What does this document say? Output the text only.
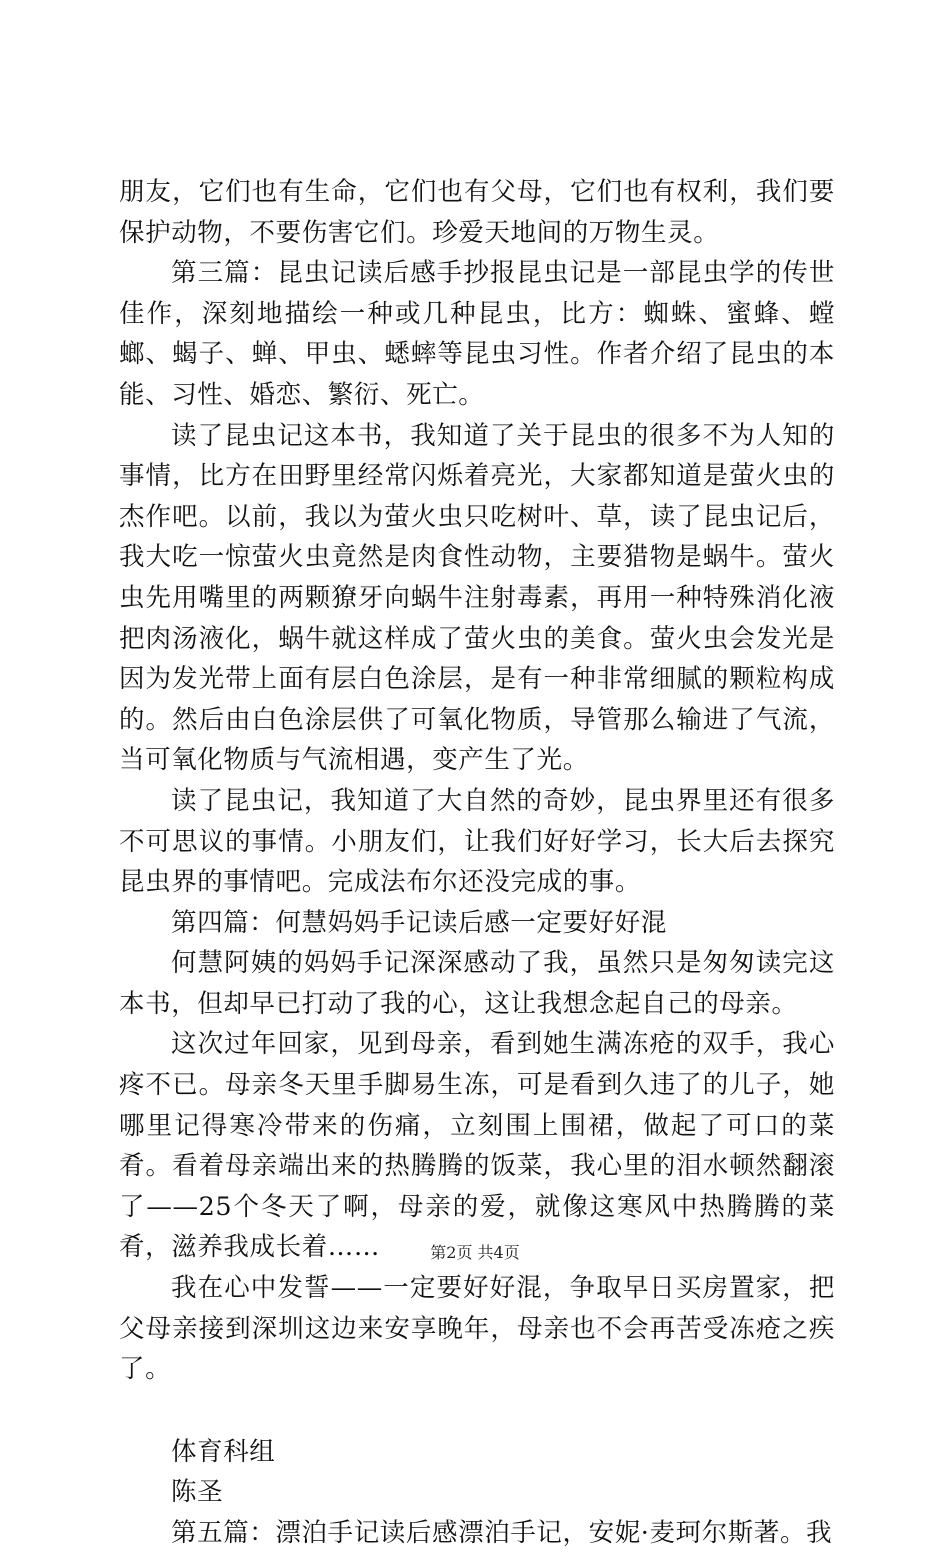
朋友，它们也有生命，它们也有父母，它们也有权利，我们要保护动物，不要伤害它们。珍爱天地间的万物生灵。

第三篇：昆虫记读后感手抄报昆虫记是一部昆虫学的传世佳作，深刻地描绘一种或几种昆虫，比方：蜘蛛、蜜蜂、螳螂、蝎子、蝉、甲虫、蟋蟀等昆虫习性。作者介绍了昆虫的本能、习性、婚恋、繁衍、死亡。

读了昆虫记这本书，我知道了关于昆虫的很多不为人知的事情，比方在田野里经常闪烁着亮光，大家都知道是萤火虫的杰作吧。以前，我以为萤火虫只吃树叶、草，读了昆虫记后，我大吃一惊萤火虫竟然是肉食性动物，主要猎物是蜗牛。萤火虫先用嘴里的两颗獠牙向蜗牛注射毒素，再用一种特殊消化液把肉汤液化，蜗牛就这样成了萤火虫的美食。萤火虫会发光是因为发光带上面有层白色涂层，是有一种非常细腻的颗粒构成的。然后由白色涂层供了可氧化物质，导管那么输进了气流，当可氧化物质与气流相遇，变产生了光。

读了昆虫记，我知道了大自然的奇妙，昆虫界里还有很多不可思议的事情。小朋友们，让我们好好学习，长大后去探究昆虫界的事情吧。完成法布尔还没完成的事。

第四篇：何慧妈妈手记读后感一定要好好混

何慧阿姨的妈妈手记深深感动了我，虽然只是匆匆读完这本书，但却早已打动了我的心，这让我想念起自己的母亲。

这次过年回家，见到母亲，看到她生满冻疮的双手，我心疼不已。母亲冬天里手脚易生冻，可是看到久违了的儿子，她哪里记得寒冷带来的伤痛，立刻围上围裙，做起了可口的菜肴。看着母亲端出来的热腾腾的饭菜，我心里的泪水顿然翻滚了——25个冬天了啊，母亲的爱，就像这寒风中热腾腾的菜肴，滋养我成长着……

我在心中发誓——一定要好好混，争取早日买房置家，把父母亲接到深圳这边来安享晚年，母亲也不会再苦受冻疮之疾了。

体育科组

陈圣

第五篇：漂泊手记读后感漂泊手记，安妮·麦珂尔斯著。我

第2页 共4页
